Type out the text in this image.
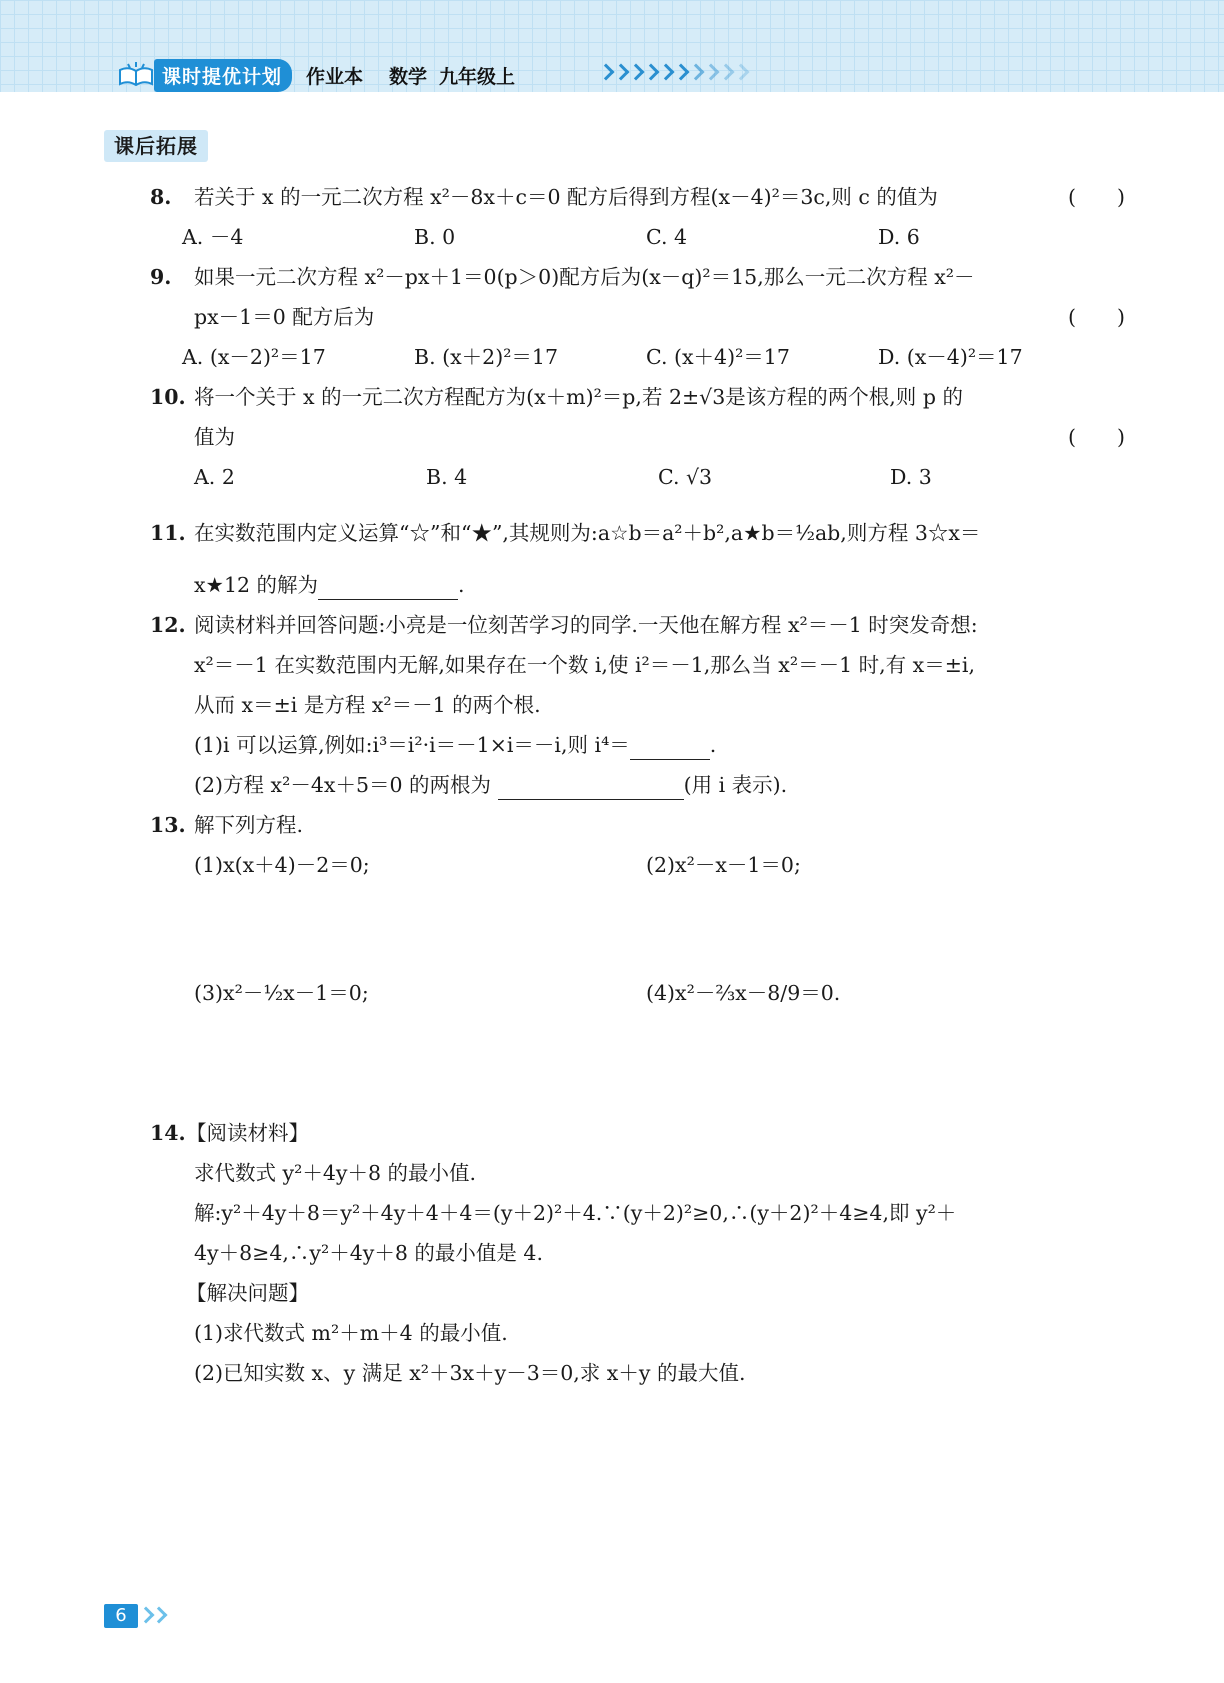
课时提优计划	作业本 数学 九年级上
课后拓展
8. 若关于 x 的一元二次方程 x²－8x＋c＝0 配方后得到方程(x－4)²＝3c,则 c 的值为	(　　)
A. －4	B. 0	C. 4	D. 6
9. 如果一元二次方程 x²－px＋1＝0(p＞0)配方后为(x－q)²＝15,那么一元二次方程 x²－
px－1＝0 配方后为	(　　)
A. (x－2)²＝17	B. (x＋2)²＝17	C. (x＋4)²＝17	D. (x－4)²＝17
10. 将一个关于 x 的一元二次方程配方为(x＋m)²＝p,若 2±√3是该方程的两个根,则 p 的
值为	(　　)
A. 2	B. 4	C. √3	D. 3
11. 在实数范围内定义运算“☆”和“★”,其规则为:a☆b＝a²＋b²,a★b＝½ab,则方程 3☆x＝
x★12 的解为	.
12. 阅读材料并回答问题:小亮是一位刻苦学习的同学.一天他在解方程 x²＝－1 时突发奇想:
x²＝－1 在实数范围内无解,如果存在一个数 i,使 i²＝－1,那么当 x²＝－1 时,有 x＝±i,
从而 x＝±i 是方程 x²＝－1 的两个根.
(1)i 可以运算,例如:i³＝i²·i＝－1×i＝－i,则 i⁴＝	.
(2)方程 x²－4x＋5＝0 的两根为	(用 i 表示).
13. 解下列方程.
(1)x(x＋4)－2＝0;	(2)x²－x－1＝0;
(3)x²－½x－1＝0;	(4)x²－⅔x－8/9＝0.
14. 【阅读材料】
求代数式 y²＋4y＋8 的最小值.
解:y²＋4y＋8＝y²＋4y＋4＋4＝(y＋2)²＋4.∵(y＋2)²≥0,∴(y＋2)²＋4≥4,即 y²＋
4y＋8≥4,∴y²＋4y＋8 的最小值是 4.
【解决问题】
(1)求代数式 m²＋m＋4 的最小值.
(2)已知实数 x、y 满足 x²＋3x＋y－3＝0,求 x＋y 的最大值.
6
